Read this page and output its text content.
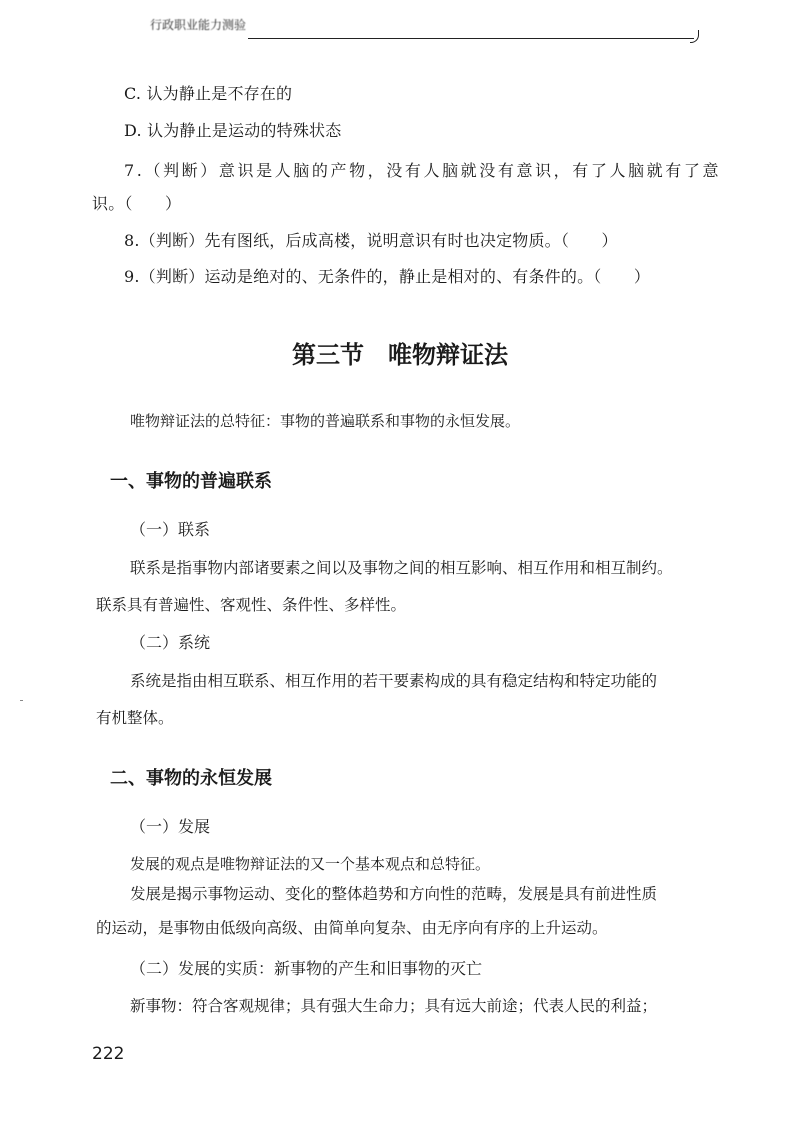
行政职业能力测验
C. 认为静止是不存在的
D. 认为静止是运动的特殊状态
7.（判断）意识是人脑的产物，没有人脑就没有意识，有了人脑就有了意
识。（　　）
8.（判断）先有图纸，后成高楼，说明意识有时也决定物质。（　　）
9.（判断）运动是绝对的、无条件的，静止是相对的、有条件的。（　　）
第三节　唯物辩证法
唯物辩证法的总特征：事物的普遍联系和事物的永恒发展。
一、事物的普遍联系
（一）联系
联系是指事物内部诸要素之间以及事物之间的相互影响、相互作用和相互制约。
联系具有普遍性、客观性、条件性、多样性。
（二）系统
系统是指由相互联系、相互作用的若干要素构成的具有稳定结构和特定功能的
有机整体。
二、事物的永恒发展
（一）发展
发展的观点是唯物辩证法的又一个基本观点和总特征。
发展是揭示事物运动、变化的整体趋势和方向性的范畴，发展是具有前进性质
的运动，是事物由低级向高级、由简单向复杂、由无序向有序的上升运动。
（二）发展的实质：新事物的产生和旧事物的灭亡
新事物：符合客观规律；具有强大生命力；具有远大前途；代表人民的利益；
222
